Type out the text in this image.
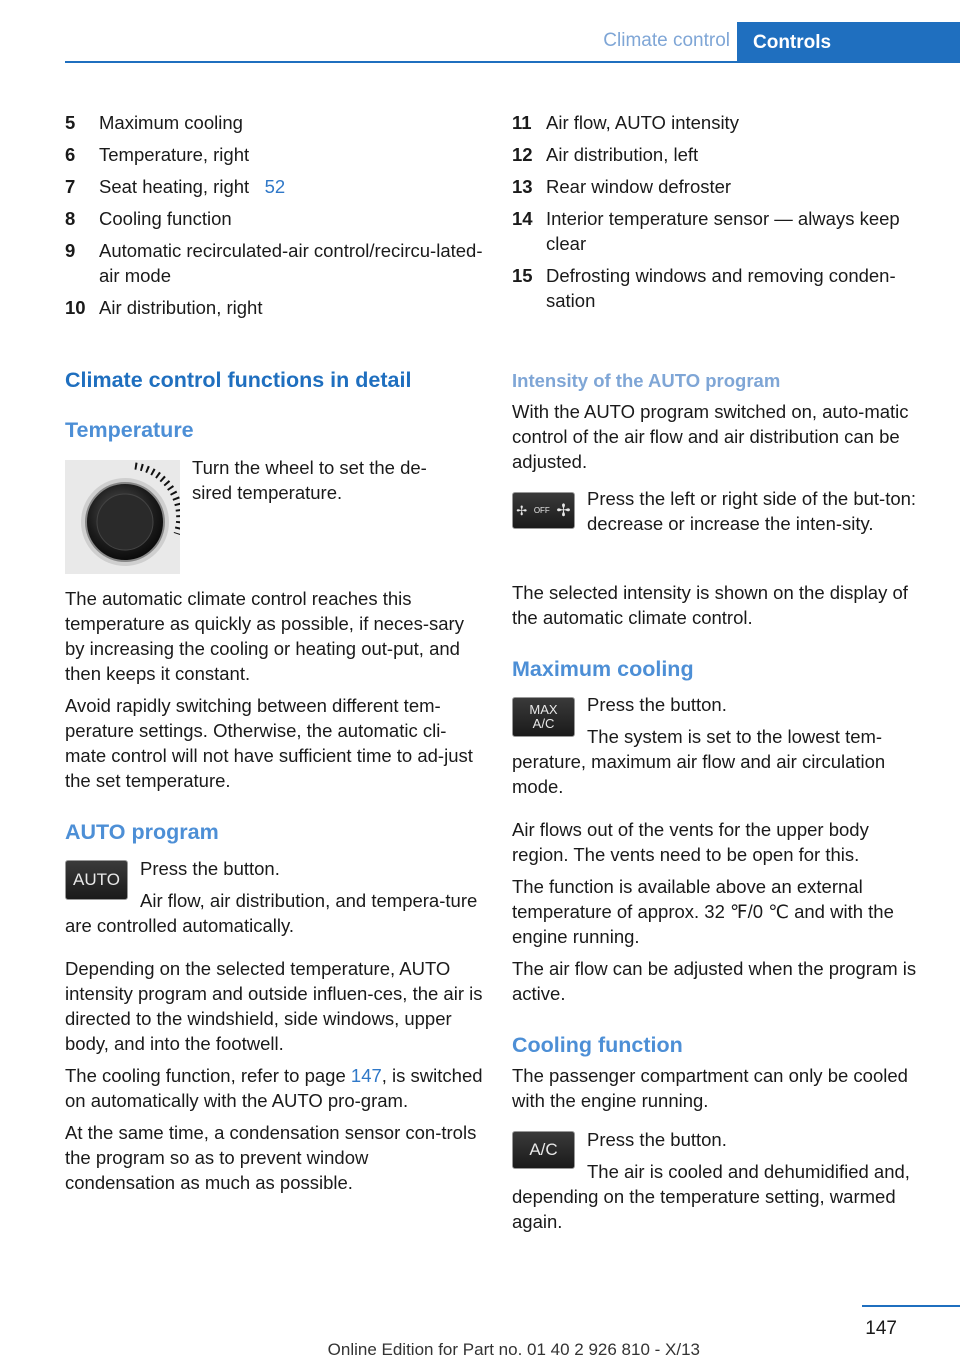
Climate control	Controls
5	Maximum cooling
6	Temperature, right
7	Seat heating, right 52
8	Cooling function
9	Automatic recirculated-air control/recircu-lated-air mode
10 Air distribution, right
11 Air flow, AUTO intensity
12 Air distribution, left
13 Rear window defroster
14 Interior temperature sensor — always keep clear
15 Defrosting windows and removing conden-sation

Climate control functions in detail

Temperature

Turn the wheel to set the de-sired temperature.

The automatic climate control reaches this temperature as quickly as possible, if neces-sary by increasing the cooling or heating out-put, and then keeps it constant.

Avoid rapidly switching between different tem-perature settings. Otherwise, the automatic cli-mate control will not have sufficient time to ad-just the set temperature.

AUTO program

AUTO

Press the button.

Air flow, air distribution, and tempera-ture are controlled automatically.

Depending on the selected temperature, AUTO intensity program and outside influen-ces, the air is directed to the windshield, side windows, upper body, and into the footwell.

The cooling function, refer to page 147, is switched on automatically with the AUTO pro-gram.

At the same time, a condensation sensor con-trols the program so as to prevent window condensation as much as possible.

Intensity of the AUTO program

With the AUTO program switched on, auto-matic control of the air flow and air distribution can be adjusted.

✢ OFF ✢

Press the left or right side of the but-ton: decrease or increase the inten-sity.

The selected intensity is shown on the display of the automatic climate control.

Maximum cooling

MAX
A/C

Press the button.

The system is set to the lowest tem-perature, maximum air flow and air circulation mode.

Air flows out of the vents for the upper body region. The vents need to be open for this.

The function is available above an external temperature of approx. 32 ℉/0 ℃ and with the engine running.

The air flow can be adjusted when the program is active.

Cooling function

The passenger compartment can only be cooled with the engine running.

A/C	Press the button.

The air is cooled and dehumidified and, depending on the temperature setting, warmed again.

147
Online Edition for Part no. 01 40 2 926 810 - X/13
